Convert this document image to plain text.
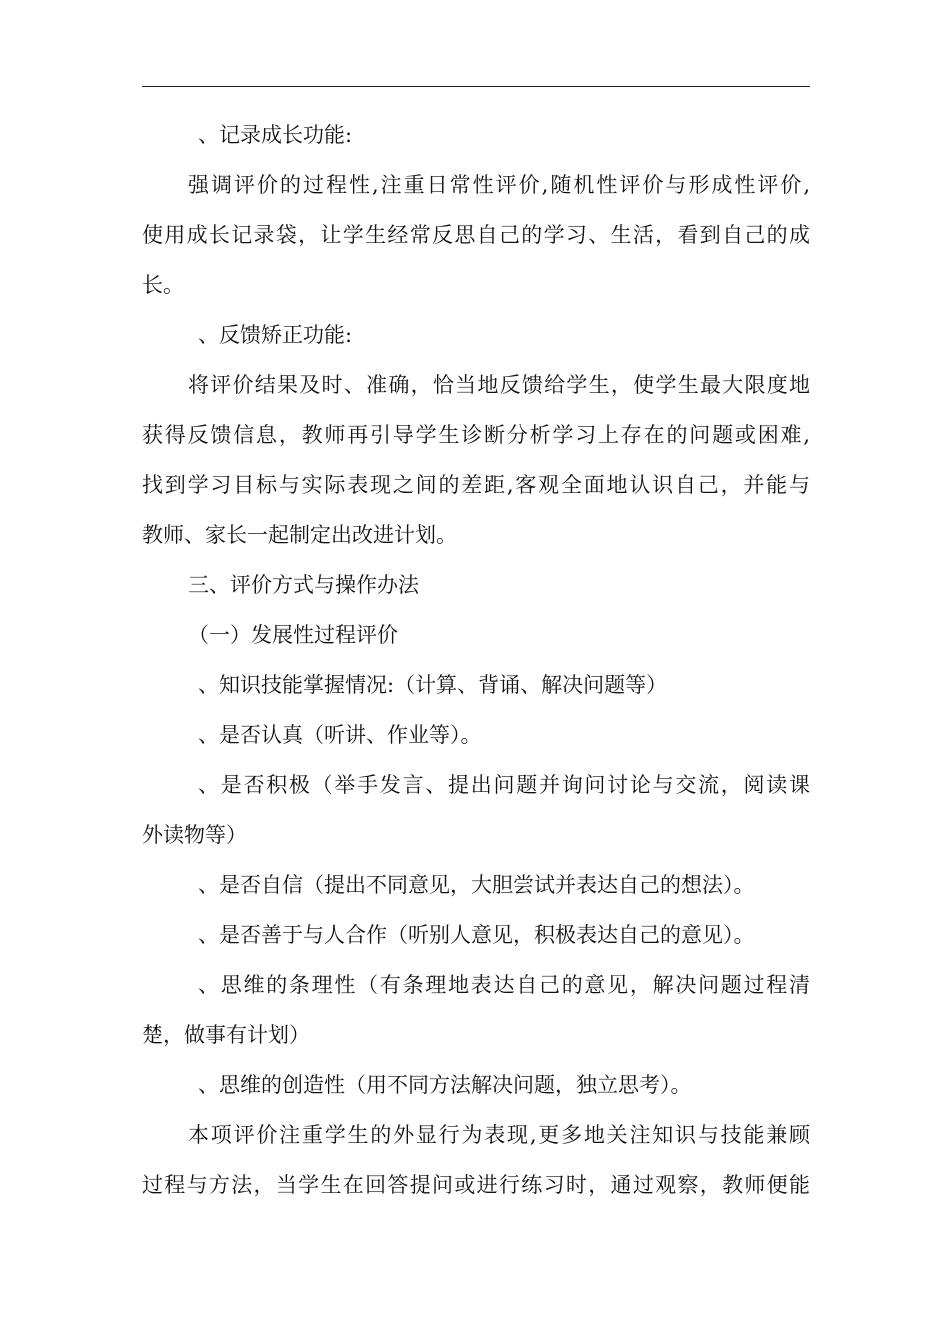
、记录成长功能:
强调评价的过程性,注重日常性评价,随机性评价与形成性评价,
使用成长记录袋，让学生经常反思自己的学习、生活，看到自己的成
长。
、反馈矫正功能:
将评价结果及时、准确，恰当地反馈给学生，使学生最大限度地
获得反馈信息，教师再引导学生诊断分析学习上存在的问题或困难,
找到学习目标与实际表现之间的差距,客观全面地认识自己，并能与
教师、家长一起制定出改进计划。
三、评价方式与操作办法
（一）发展性过程评价
、知识技能掌握情况:（计算、背诵、解决问题等）
、是否认真（听讲、作业等）。
、是否积极（举手发言、提出问题并询问讨论与交流，阅读课
外读物等）
、是否自信（提出不同意见，大胆尝试并表达自己的想法）。
、是否善于与人合作（听别人意见，积极表达自己的意见）。
、思维的条理性（有条理地表达自己的意见，解决问题过程清
楚，做事有计划）
、思维的创造性（用不同方法解决问题，独立思考）。
本项评价注重学生的外显行为表现,更多地关注知识与技能兼顾
过程与方法，当学生在回答提问或进行练习时，通过观察，教师便能
